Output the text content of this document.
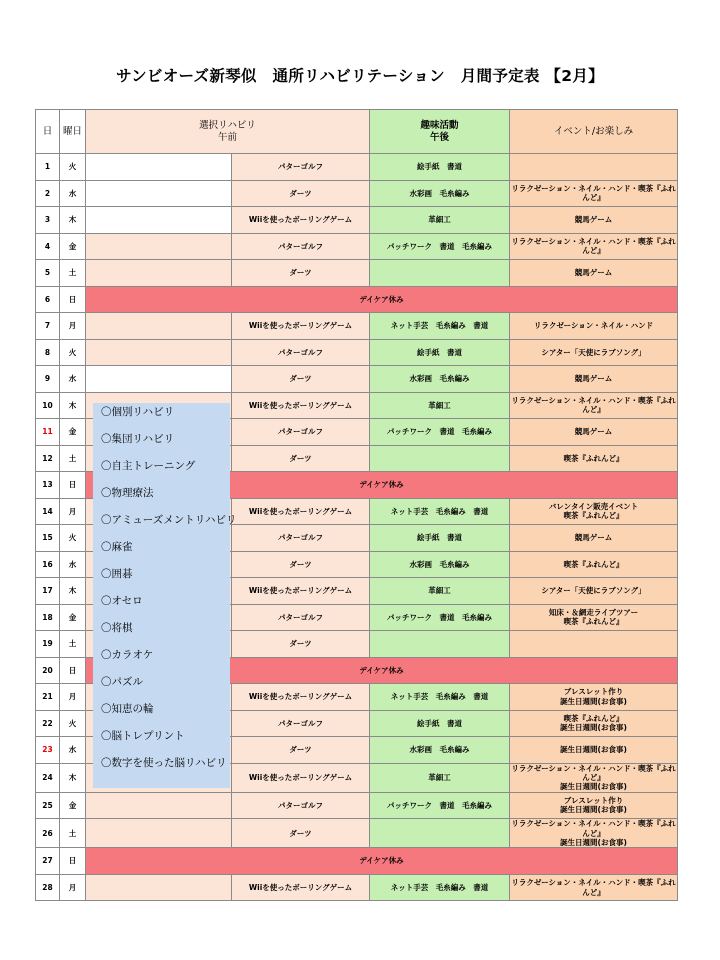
サンビオーズ新琴似　通所リハビリテーション　月間予定表 【2月】
日	曜日	選択リハビリ
午前		趣味活動
午後	イベント/お楽しみ
1	火		パターゴルフ	絵手紙　書道	
2	水		ダーツ	水彩画　毛糸編み	リラクゼーション・ネイル・ハンド・喫茶『ふれんど』
3	木		Wiiを使ったボーリングゲーム	革細工	競馬ゲーム
4	金		パターゴルフ	パッチワーク　書道　毛糸編み	リラクゼーション・ネイル・ハンド・喫茶『ふれんど』
5	土		ダーツ		競馬ゲーム
6	日	デイケア休み			
7	月		Wiiを使ったボーリングゲーム	ネット手芸　毛糸編み　書道	リラクゼーション・ネイル・ハンド
8	火		パターゴルフ	絵手紙　書道	シアター「天使にラブソング」
9	水		ダーツ	水彩画　毛糸編み	競馬ゲーム
10	木		Wiiを使ったボーリングゲーム	革細工	リラクゼーション・ネイル・ハンド・喫茶『ふれんど』
11	金		パターゴルフ	パッチワーク　書道　毛糸編み	競馬ゲーム
12	土		ダーツ		喫茶『ふれんど』
13	日	デイケア休み			
14	月		Wiiを使ったボーリングゲーム	ネット手芸　毛糸編み　書道	バレンタイン販売イベント
喫茶『ふれんど』
15	火		パターゴルフ	絵手紙　書道	競馬ゲーム
16	水		ダーツ	水彩画　毛糸編み	喫茶『ふれんど』
17	木		Wiiを使ったボーリングゲーム	革細工	シアター「天使にラブソング」
18	金		パターゴルフ	パッチワーク　書道　毛糸編み	知床・＆網走ライブツアー
喫茶『ふれんど』
19	土		ダーツ		
20	日	デイケア休み			
21	月		Wiiを使ったボーリングゲーム	ネット手芸　毛糸編み　書道	ブレスレット作り
誕生日週間(お食事)
22	火		パターゴルフ	絵手紙　書道	喫茶『ふれんど』
誕生日週間(お食事)
23	水		ダーツ	水彩画　毛糸編み	誕生日週間(お食事)
24	木		Wiiを使ったボーリングゲーム	革細工	リラクゼーション・ネイル・ハンド・喫茶『ふれんど』
誕生日週間(お食事)
25	金		パターゴルフ	パッチワーク　書道　毛糸編み	ブレスレット作り
誕生日週間(お食事)
26	土		ダーツ		リラクゼーション・ネイル・ハンド・喫茶『ふれんど』
誕生日週間(お食事)
27	日	デイケア休み			
28	月		Wiiを使ったボーリングゲーム	ネット手芸　毛糸編み　書道	リラクゼーション・ネイル・ハンド・喫茶『ふれんど』
〇個別リハビリ
〇集団リハビリ
〇自主トレーニング
〇物理療法
〇アミューズメントリハビリ
〇麻雀
〇囲碁
〇オセロ
〇将棋
〇カラオケ
〇パズル
〇知恵の輪
〇脳トレプリント
〇数字を使った脳リハビリ
